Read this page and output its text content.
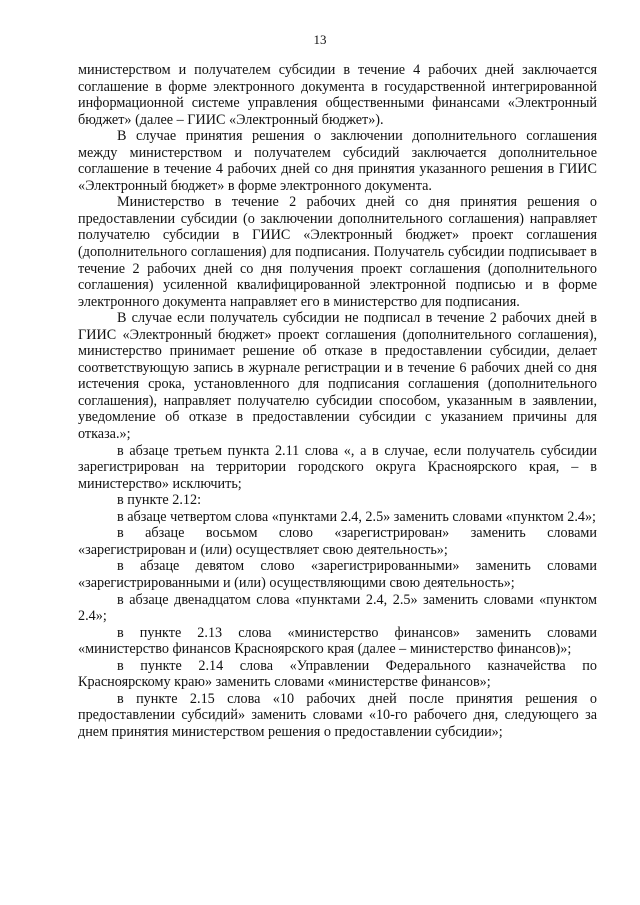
13

министерством и получателем субсидии в течение 4 рабочих дней заключается соглашение в форме электронного документа в государственной интегрированной информационной системе управления общественными финансами «Электронный бюджет» (далее – ГИИС «Электронный бюджет»).

В случае принятия решения о заключении дополнительного соглашения между министерством и получателем субсидий заключается дополнительное соглашение в течение 4 рабочих дней со дня принятия указанного решения в ГИИС «Электронный бюджет» в форме электронного документа.

Министерство в течение 2 рабочих дней со дня принятия решения о предоставлении субсидии (о заключении дополнительного соглашения) направляет получателю субсидии в ГИИС «Электронный бюджет» проект соглашения (дополнительного соглашения) для подписания. Получатель субсидии подписывает в течение 2 рабочих дней со дня получения проект соглашения (дополнительного соглашения) усиленной квалифицированной электронной подписью и в форме электронного документа направляет его в министерство для подписания.

В случае если получатель субсидии не подписал в течение 2 рабочих дней в ГИИС «Электронный бюджет» проект соглашения (дополнительного соглашения), министерство принимает решение об отказе в предоставлении субсидии, делает соответствующую запись в журнале регистрации и в течение 6 рабочих дней со дня истечения срока, установленного для подписания соглашения (дополнительного соглашения), направляет получателю субсидии способом, указанным в заявлении, уведомление об отказе в предоставлении субсидии с указанием причины для отказа.»;

в абзаце третьем пункта 2.11 слова «, а в случае, если получатель субсидии зарегистрирован на территории городского округа Красноярского края, – в министерство» исключить;

в пункте 2.12:

в абзаце четвертом слова «пунктами 2.4, 2.5» заменить словами «пунктом 2.4»;

в абзаце восьмом слово «зарегистрирован» заменить словами «зарегистрирован и (или) осуществляет свою деятельность»;

в абзаце девятом слово «зарегистрированными» заменить словами «зарегистрированными и (или) осуществляющими свою деятельность»;

в абзаце двенадцатом слова «пунктами 2.4, 2.5» заменить словами «пунктом 2.4»;

в пункте 2.13 слова «министерство финансов» заменить словами «министерство финансов Красноярского края (далее – министерство финансов)»;

в пункте 2.14 слова «Управлении Федерального казначейства по Красноярскому краю» заменить словами «министерстве финансов»;

в пункте 2.15 слова «10 рабочих дней после принятия решения о предоставлении субсидий» заменить словами «10-го рабочего дня, следующего за днем принятия министерством решения о предоставлении субсидии»;
